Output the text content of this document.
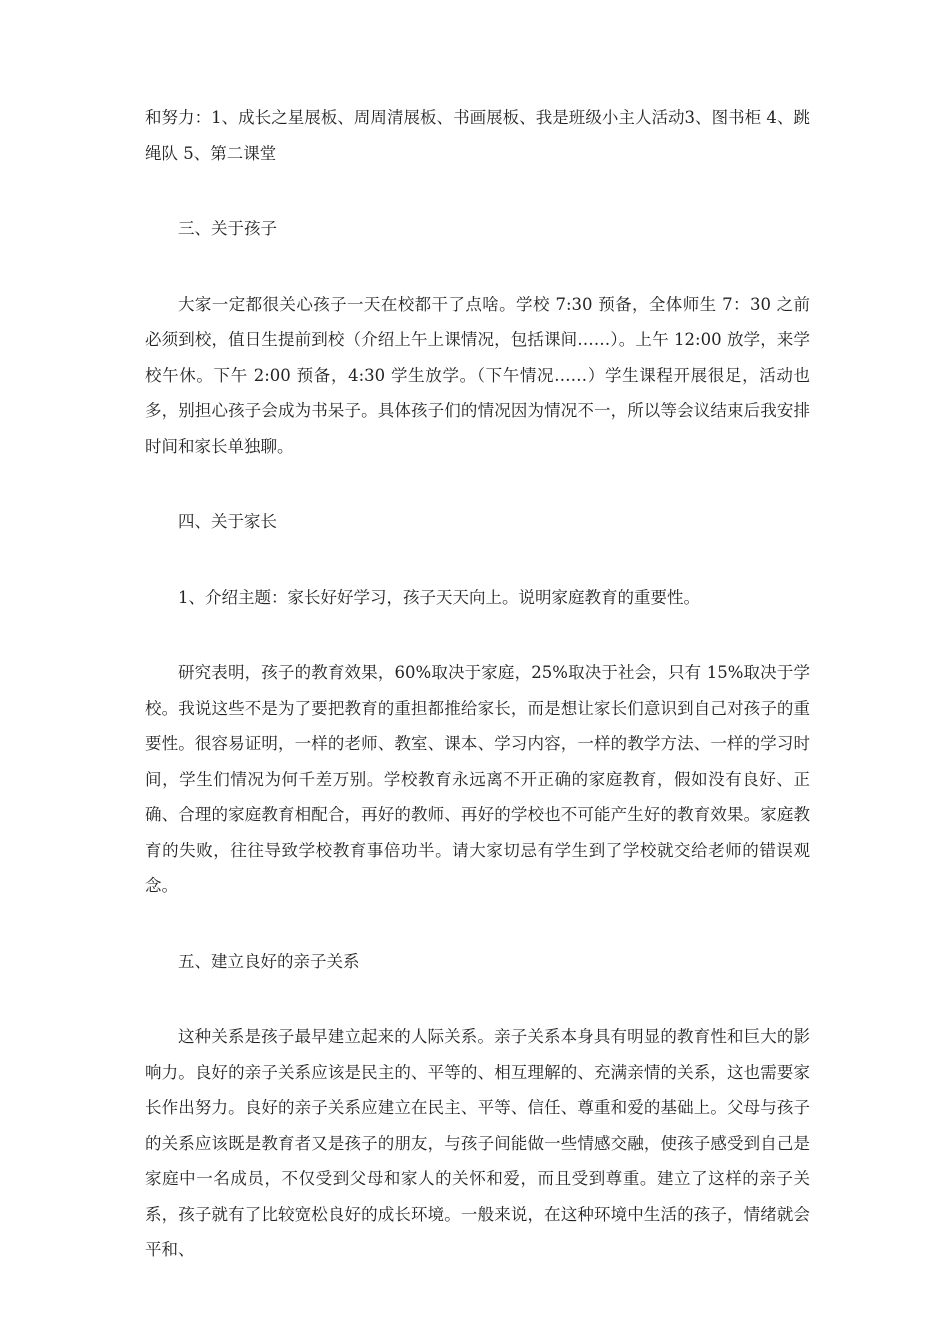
和努力：1、成长之星展板、周周清展板、书画展板、我是班级小主人活动3、图书柜 4、跳绳队 5、第二课堂

三、关于孩子

大家一定都很关心孩子一天在校都干了点啥。学校 7:30 预备，全体师生 7：30 之前必须到校，值日生提前到校（介绍上午上课情况，包括课间……）。上午 12:00 放学，来学校午休。下午 2:00 预备，4:30 学生放学。（下午情况……）学生课程开展很足，活动也多，别担心孩子会成为书呆子。具体孩子们的情况因为情况不一，所以等会议结束后我安排时间和家长单独聊。

四、关于家长

1、介绍主题：家长好好学习，孩子天天向上。说明家庭教育的重要性。

研究表明，孩子的教育效果，60%取决于家庭，25%取决于社会，只有 15%取决于学校。我说这些不是为了要把教育的重担都推给家长，而是想让家长们意识到自己对孩子的重要性。很容易证明，一样的老师、教室、课本、学习内容，一样的教学方法、一样的学习时间，学生们情况为何千差万别。学校教育永远离不开正确的家庭教育，假如没有良好、正确、合理的家庭教育相配合，再好的教师、再好的学校也不可能产生好的教育效果。家庭教育的失败，往往导致学校教育事倍功半。请大家切忌有学生到了学校就交给老师的错误观念。

五、建立良好的亲子关系

这种关系是孩子最早建立起来的人际关系。亲子关系本身具有明显的教育性和巨大的影响力。良好的亲子关系应该是民主的、平等的、相互理解的、充满亲情的关系，这也需要家长作出努力。良好的亲子关系应建立在民主、平等、信任、尊重和爱的基础上。父母与孩子的关系应该既是教育者又是孩子的朋友，与孩子间能做一些情感交融，使孩子感受到自己是家庭中一名成员，不仅受到父母和家人的关怀和爱，而且受到尊重。建立了这样的亲子关系，孩子就有了比较宽松良好的成长环境。一般来说，在这种环境中生活的孩子，情绪就会平和、
